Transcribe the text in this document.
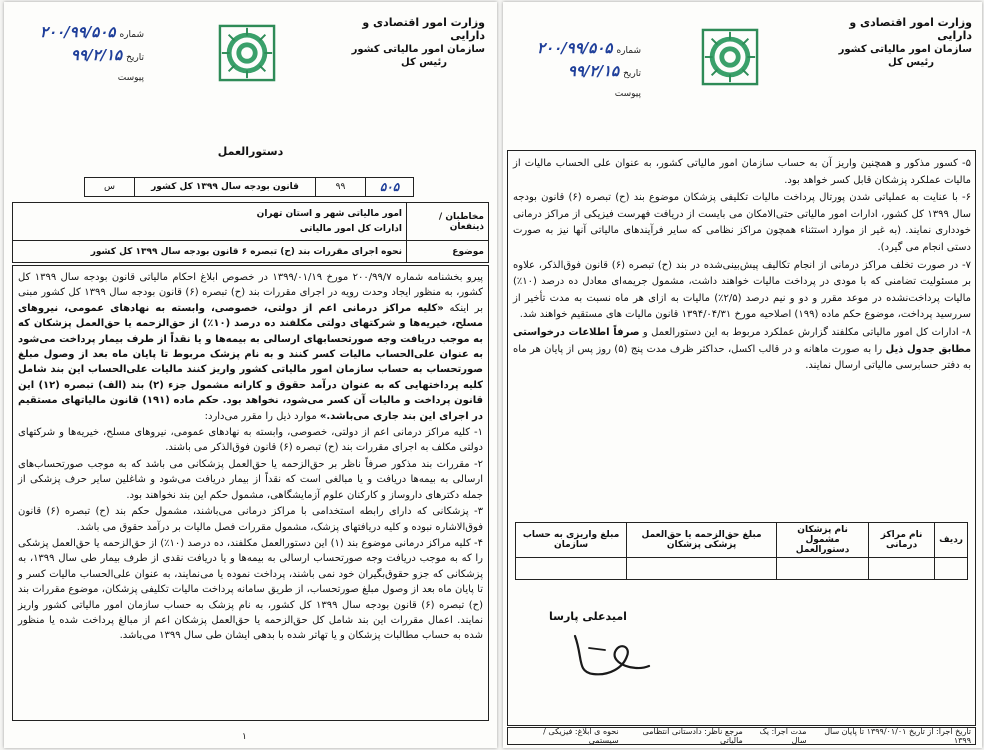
وزارت امور اقتصادی و دارایی
سازمان امور مالیاتی کشور
رئیس کل
شماره۲۰۰/۹۹/۵۰۵
تاریخ۹۹/۲/۱۵
پیوست
دستورالعمل
۵۰۵	۹۹	قانون بودجه سال ۱۳۹۹ کل کشور	س
مخاطبان / ذینفعان	امور مالیاتی شهر و استان تهران
ادارات کل امور مالیاتی

موضوع	نحوه اجرای مقررات بند (ح) تبصره ۶ قانون بودجه سال ۱۳۹۹ کل کشور

پیرو بخشنامه شماره ۲۰۰/۹۹/۷ مورخ ۱۳۹۹/۰۱/۱۹ در خصوص ابلاغ احکام مالیاتی قانون بودجه سال ۱۳۹۹ کل کشور، به منظور ایجاد وحدت رویه در اجرای مقررات بند (ح) تبصره (۶) قانون بودجه سال ۱۳۹۹ کل کشور مبنی بر اینکه «کلیه مراکز درمانی اعم از دولتی، خصوصی، وابسته به نهادهای عمومی، نیروهای مسلح، خیریه‌ها و شرکتهای دولتی مکلفند ده درصد (۱۰٪) از حق‌الزحمه یا حق‌العمل پزشکان که به موجب دریافت وجه صورتحسابهای ارسالی به بیمه‌ها و یا نقداً از طرف بیمار پرداخت می‌شود به عنوان علی‌الحساب مالیات کسر کنند و به نام پزشک مربوط تا پایان ماه بعد از وصول مبلغ صورتحساب به حساب سازمان امور مالیاتی کشور واریز کنند مالیات علی‌الحساب این بند شامل کلیه پرداختهایی که به عنوان درآمد حقوق و کارانه مشمول جزء (۲) بند (الف) تبصره (۱۲) این قانون پرداخت و مالیات آن کسر می‌شود، نخواهد بود. حکم ماده (۱۹۱) قانون مالیاتهای مستقیم در اجرای این بند جاری می‌باشد.» موارد ذیل را مقرر می‌دارد:

۱- کلیه مراکز درمانی اعم از دولتی، خصوصی، وابسته به نهادهای عمومی، نیروهای مسلح، خیریه‌ها و شرکتهای دولتی مکلف به اجرای مقررات بند (ح) تبصره (۶) قانون فوق‌الذکر می باشند.

۲- مقررات بند مذکور صرفاً ناظر بر حق‌الزحمه یا حق‌العمل پزشکانی می باشد که به موجب صورتحساب‌های ارسالی به بیمه‌ها دریافت و یا مبالغی است که نقداً از بیمار دریافت می‌شود و شاغلین سایر حرف پزشکی از جمله دکترهای داروساز و کارکنان علوم آزمایشگاهی، مشمول حکم این بند نخواهند بود.

۳- پزشکانی که دارای رابطه استخدامی با مراکز درمانی می‌باشند، مشمول حکم بند (ح) تبصره (۶) قانون فوق‌الاشاره نبوده و کلیه دریافتهای پزشک، مشمول مقررات فصل مالیات بر درآمد حقوق می باشد.

۴- کلیه مراکز درمانی موضوع بند (۱) این دستورالعمل مکلفند، ده درصد (۱۰٪) از حق‌الزحمه یا حق‌العمل پزشکی را که به موجب دریافت وجه صورتحساب ارسالی به بیمه‌ها و یا دریافت نقدی از طرف بیمار طی سال ۱۳۹۹، به پزشکانی که جزو حقوق‌بگیران خود نمی باشند، پرداخت نموده یا می‌نمایند، به عنوان علی‌الحساب مالیات کسر و تا پایان ماه بعد از وصول مبلغ صورتحساب، از طریق سامانه پرداخت مالیات تکلیفی پزشکان، موضوع مقررات بند (ح) تبصره (۶) قانون بودجه سال ۱۳۹۹ کل کشور، به نام پزشک به حساب سازمان امور مالیاتی کشور واریز نمایند. اعمال مقررات این بند شامل کل حق‌الزحمه یا حق‌العمل پزشکان اعم از مبالغ پرداخت شده یا منظور شده به حساب مطالبات پزشکان و یا تهاتر شده با بدهی ایشان طی سال ۱۳۹۹ می‌باشد.

۱
وزارت امور اقتصادی و دارایی
سازمان امور مالیاتی کشور
رئیس کل
شماره۲۰۰/۹۹/۵۰۵
تاریخ۹۹/۲/۱۵
پیوست

۵- کسور مذکور و همچنین واریز آن به حساب سازمان امور مالیاتی کشور، به عنوان علی الحساب مالیات از مالیات عملکرد پزشکان قابل کسر خواهد بود.

۶- با عنایت به عملیاتی شدن پورتال پرداخت مالیات تکلیفی پزشکان موضوع بند (ح) تبصره (۶) قانون بودجه سال ۱۳۹۹ کل کشور، ادارات امور مالیاتی حتی‌الامکان می بایست از دریافت فهرست فیزیکی از مراکز درمانی خودداری نمایند. (به غیر از موارد استثناء همچون مراکز نظامی که سایر فرآیندهای مالیاتی آنها نیز به صورت دستی انجام می گیرد).

۷- در صورت تخلف مراکز درمانی از انجام تکالیف پیش‌بینی‌شده در بند (ح) تبصره (۶) قانون فوق‌الذکر، علاوه بر مسئولیت تضامنی که با مودی در پرداخت مالیات خواهند داشت، مشمول جریمه‌ای معادل ده درصد (۱۰٪) مالیات پرداخت‌نشده در موعد مقرر و دو و نیم درصد (۲/۵٪) مالیات به ازای هر ماه نسبت به مدت تأخیر از سررسید پرداخت، موضوع حکم ماده (۱۹۹) اصلاحیه مورخ ۱۳۹۴/۰۴/۳۱ قانون مالیات های مستقیم خواهند شد.

۸- ادارات کل امور مالیاتی مکلفند گزارش عملکرد مربوط به این دستورالعمل و صرفاً اطلاعات درخواستی مطابق جدول ذیل را به صورت ماهانه و در قالب اکسل، حداکثر ظرف مدت پنج (۵) روز پس از پایان هر ماه به دفتر حسابرسی مالیاتی ارسال نمایند.

ردیف	نام مراکز درمانی	نام پزشکان مشمول دستورالعمل	مبلغ حق‌الزحمه یا حق‌العمل پزشکی پزشکان	مبلغ واریزی به حساب سازمان

امیدعلی پارسا
تاریخ اجرا: از تاریخ ۱۳۹۹/۰۱/۰۱ تا پایان سال ۱۳۹۹
مدت اجرا: یک سال
مرجع ناظر: دادستانی انتظامی مالیاتی
نحوه ی ابلاغ: فیزیکی / سیستمی
